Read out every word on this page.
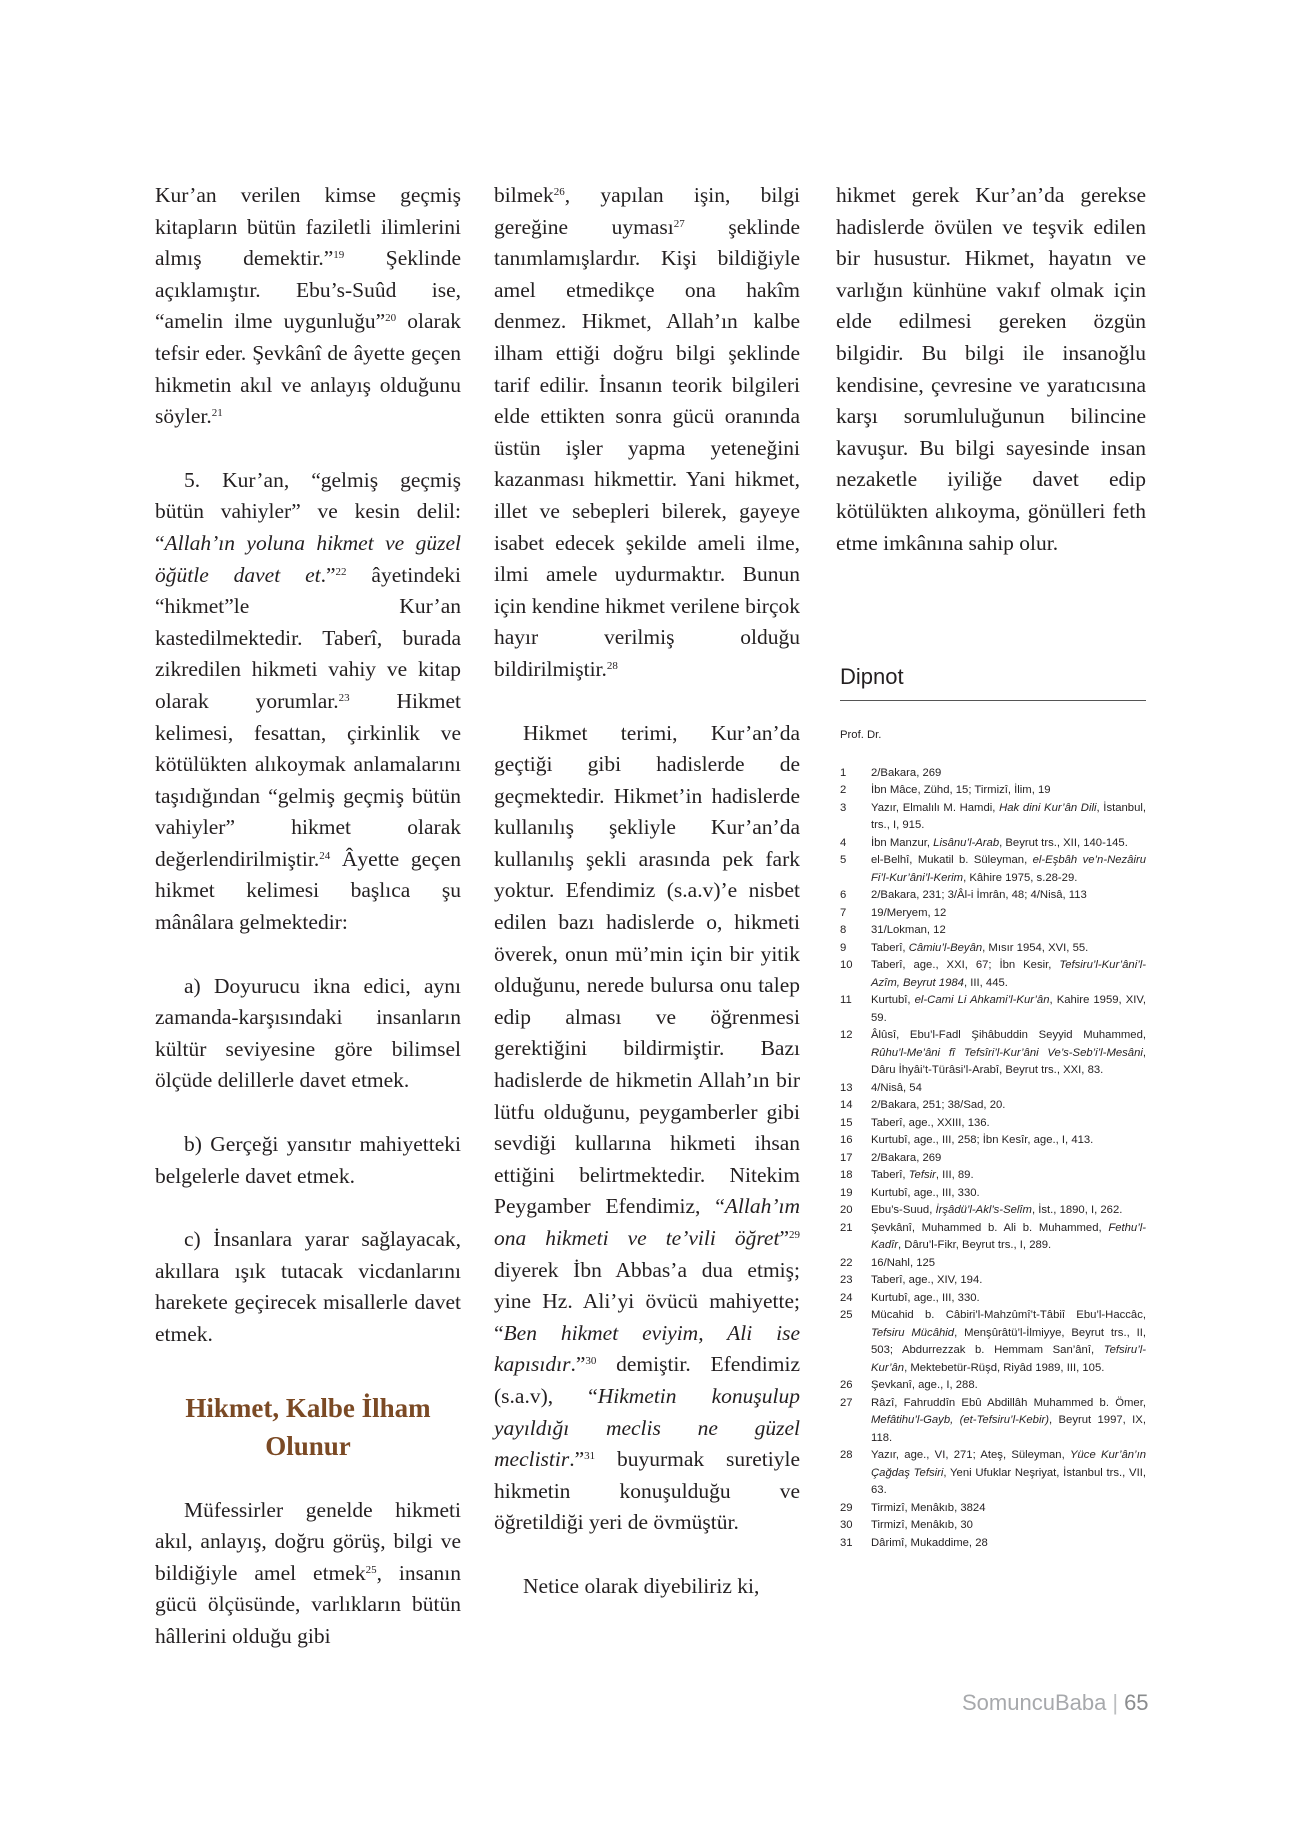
Kur’an verilen kimse geçmiş kitapların bütün faziletli ilimlerini almış demektir.”$^{19}$ Şeklinde açıklamıştır. Ebu’s-Suûd ise, “amelin ilme uygunluğu”$^{20}$ olarak tefsir eder. Şevkânî de âyette geçen hikmetin akıl ve anlayış olduğunu söyler.$^{21}$

5. Kur’an, “gelmiş geçmiş bütün vahiyler” ve kesin delil: “Allah’ın yoluna hikmet ve güzel öğütle davet et.”$^{22}$ âyetindeki “hikmet”le Kur’an kastedilmektedir. Taberî, burada zikredilen hikmeti vahiy ve kitap olarak yorumlar.$^{23}$ Hikmet kelimesi, fesattan, çirkinlik ve kötülükten alıkoymak anlamalarını taşıdığından “gelmiş geçmiş bütün vahiyler” hikmet olarak değerlendirilmiştir.$^{24}$ Âyette geçen hikmet kelimesi başlıca şu mânâlara gelmektedir:

a) Doyurucu ikna edici, aynı zamanda-karşısındaki insanların kültür seviyesine göre bilimsel ölçüde delillerle davet etmek.

b) Gerçeği yansıtır mahiyetteki belgelerle davet etmek.

c) İnsanlara yarar sağlayacak, akıllara ışık tutacak vicdanlarını harekete geçirecek misallerle davet etmek.

Hikmet, Kalbe İlham Olunur

Müfessirler genelde hikmeti akıl, anlayış, doğru görüş, bilgi ve bildiğiyle amel etmek$^{25}$, insanın gücü ölçüsünde, varlıkların bütün hâllerini olduğu gibi

bilmek$^{26}$, yapılan işin, bilgi gereğine uyması$^{27}$ şeklinde tanımlamışlardır. Kişi bildiğiyle amel etmedikçe ona hakîm denmez. Hikmet, Allah’ın kalbe ilham ettiği doğru bilgi şeklinde tarif edilir. İnsanın teorik bilgileri elde ettikten sonra gücü oranında üstün işler yapma yeteneğini kazanması hikmettir. Yani hikmet, illet ve sebepleri bilerek, gayeye isabet edecek şekilde ameli ilme, ilmi amele uydurmaktır. Bunun için kendine hikmet verilene birçok hayır verilmiş olduğu bildirilmiştir.$^{28}$

Hikmet terimi, Kur’an’da geçtiği gibi hadislerde de geçmektedir. Hikmet’in hadislerde kullanılış şekliyle Kur’an’da kullanılış şekli arasında pek fark yoktur. Efendimiz (s.a.v)’e nisbet edilen bazı hadislerde o, hikmeti överek, onun mü’min için bir yitik olduğunu, nerede bulursa onu talep edip alması ve öğrenmesi gerektiğini bildirmiştir. Bazı hadislerde de hikmetin Allah’ın bir lütfu olduğunu, peygamberler gibi sevdiği kullarına hikmeti ihsan ettiğini belirtmektedir. Nitekim Peygamber Efendimiz, “Allah’ım ona hikmeti ve te’vili öğret”$^{29}$ diyerek İbn Abbas’a dua etmiş; yine Hz. Ali’yi övücü mahiyette; “Ben hikmet eviyim, Ali ise kapısıdır.”$^{30}$ demiştir. Efendimiz (s.a.v), “Hikmetin konuşulup yayıldığı meclis ne güzel meclistir.”$^{31}$ buyurmak suretiyle hikmetin konuşulduğu ve öğretildiği yeri de övmüştür.

Netice olarak diyebiliriz ki,

hikmet gerek Kur’an’da gerekse hadislerde övülen ve teşvik edilen bir husustur. Hikmet, hayatın ve varlığın künhüne vakıf olmak için elde edilmesi gereken özgün bilgidir. Bu bilgi ile insanoğlu kendisine, çevresine ve yaratıcısına karşı sorumluluğunun bilincine kavuşur. Bu bilgi sayesinde insan nezaketle iyiliğe davet edip kötülükten alıkoyma, gönülleri feth etme imkânına sahip olur.

Dipnot
Prof. Dr.
1	2/Bakara, 269
2	İbn Mâce, Zühd, 15; Tirmizî, İlim, 19
3	Yazır, Elmalılı M. Hamdi, Hak dini Kur’ân Dili, İstanbul, trs., I, 915.
4	İbn Manzur, Lisânu’l-Arab, Beyrut trs., XII, 140-145.
5	el-Belhî, Mukatil b. Süleyman, el-Eşbâh ve’n-Nezâiru Fi’l-Kur’âni’l-Kerim, Kâhire 1975, s.28-29.
6	2/Bakara, 231; 3/Âl-i İmrân, 48; 4/Nisâ, 113
7	19/Meryem, 12
8	31/Lokman, 12
9	Taberî, Câmiu’l-Beyân, Mısır 1954, XVI, 55.
10	Taberî, age., XXI, 67; İbn Kesir, Tefsiru’l-Kur’âni’l-Azîm, Beyrut 1984, III, 445.
11	Kurtubî, el-Cami Li Ahkami’l-Kur’ân, Kahire 1959, XIV, 59.
12	Âlûsî, Ebu’l-Fadl Şihâbuddin Seyyid Muhammed, Rûhu’l-Me’âni fî Tefsîri’l-Kur’âni Ve’s-Seb’i’l-Mesâni, Dâru İhyâi’t-Türâsi’l-Arabî, Beyrut trs., XXI, 83.
13	4/Nisâ, 54
14	2/Bakara, 251; 38/Sad, 20.
15	Taberî, age., XXIII, 136.
16	Kurtubî, age., III, 258; İbn Kesîr, age., I, 413.
17	2/Bakara, 269
18	Taberî, Tefsir, III, 89.
19	Kurtubî, age., III, 330.
20	Ebu’s-Suud, İrşâdü’l-Akl’s-Selîm, İst., 1890, I, 262.
21	Şevkânî, Muhammed b. Ali b. Muhammed, Fethu’l-Kadîr, Dâru’l-Fikr, Beyrut trs., I, 289.
22	16/Nahl, 125
23	Taberî, age., XIV, 194.
24	Kurtubî, age., III, 330.
25	Mücahid b. Câbiri’l-Mahzûmî’t-Tâbiî Ebu’l-Haccâc, Tefsiru Mücâhid, Menşûrâtü’l-İlmiyye, Beyrut trs., II, 503; Abdurrezzak b. Hemmam San’ânî, Tefsiru’l-Kur’ân, Mektebetür-Rüşd, Riyâd 1989, III, 105.
26	Şevkanî, age., I, 288.
27	Râzî, Fahruddîn Ebû Abdillâh Muhammed b. Ömer, Mefâtihu’l-Gayb, (et-Tefsiru’l-Kebir), Beyrut 1997, IX, 118.
28	Yazır, age., VI, 271; Ateş, Süleyman, Yüce Kur’ân’ın Çağdaş Tefsiri, Yeni Ufuklar Neşriyat, İstanbul trs., VII, 63.
29	Tirmizî, Menâkıb, 3824
30	Tirmizî, Menâkıb, 30
31	Dârimî, Mukaddime, 28
SomuncuBaba | 65
